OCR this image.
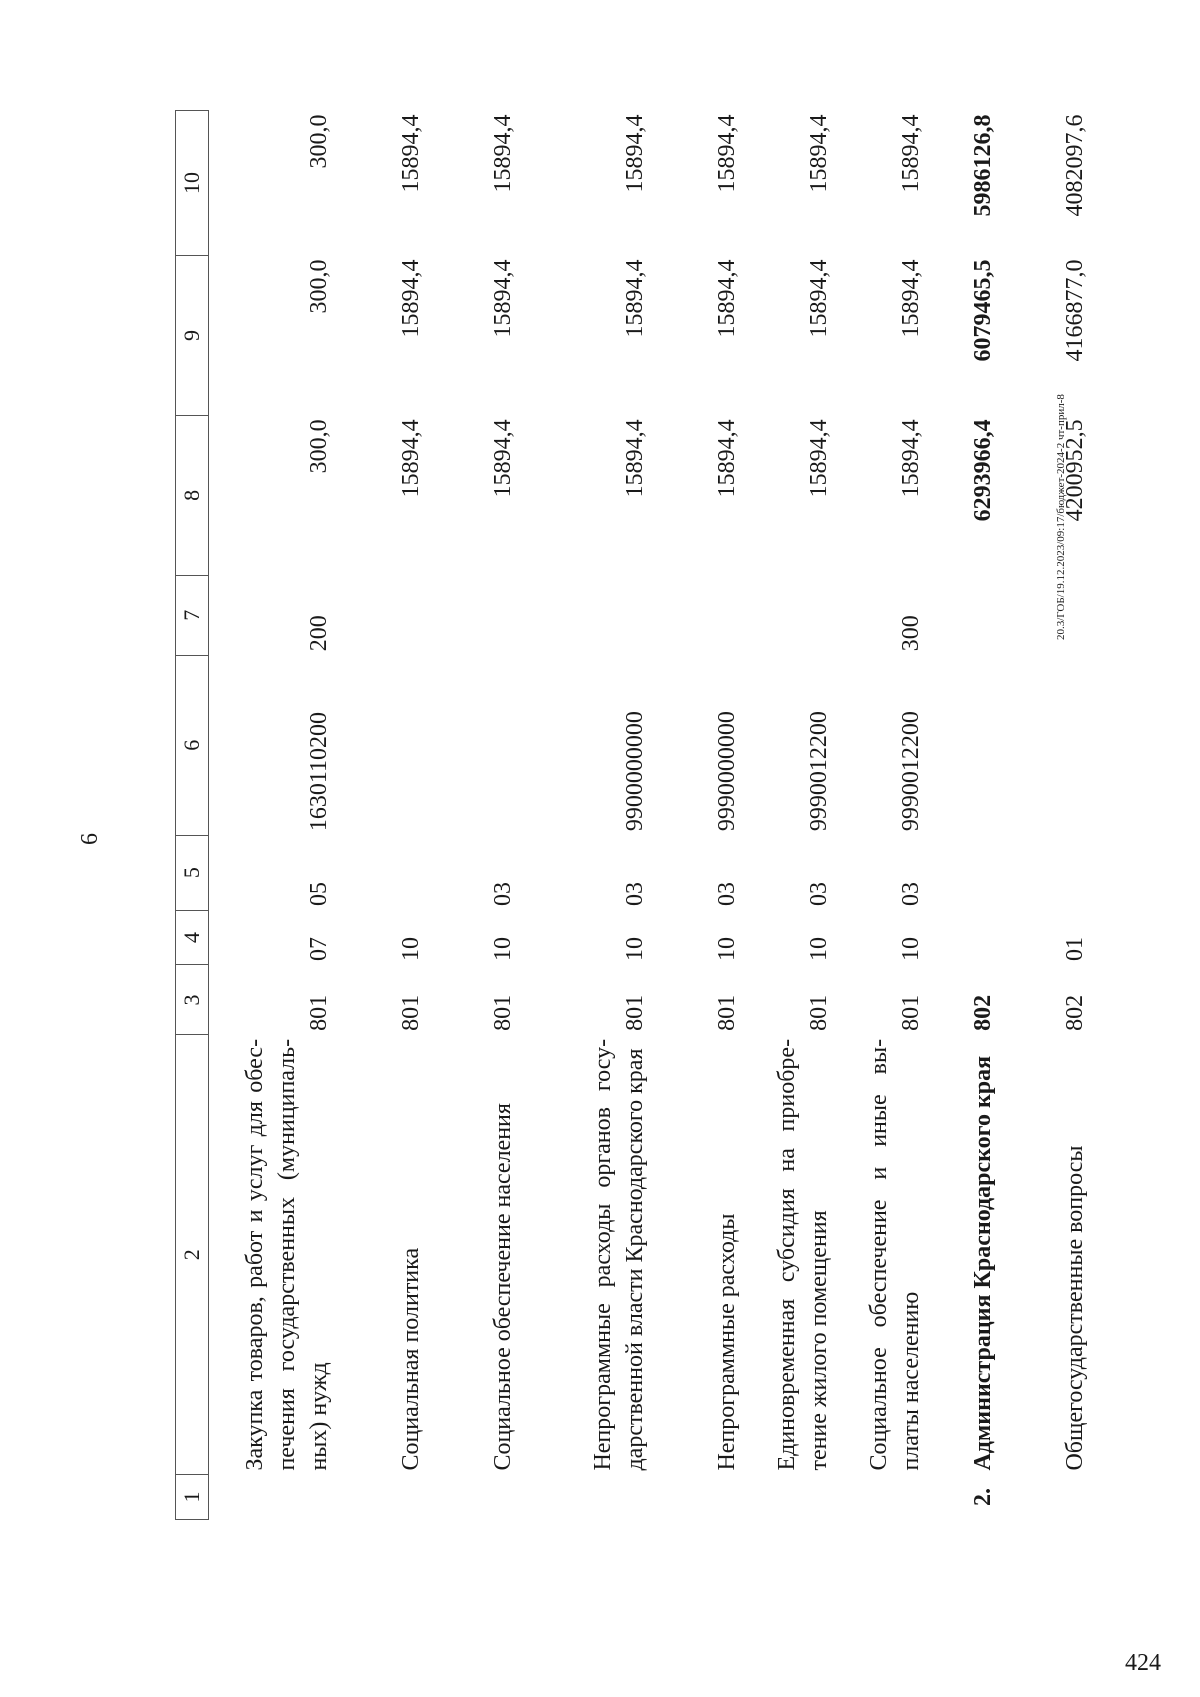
6
1	2	3	4	5	6	7	8	9	10
	Закупка товаров, работ и услуг для обес-печения государственных (муниципаль-ных) нужд	801	07	05	1630110200	200	300,0	300,0	300,0
	Социальная политика	801	10				15894,4	15894,4	15894,4
	Социальное обеспечение населения	801	10	03			15894,4	15894,4	15894,4
	Непрограммные расходы органов госу-дарственной власти Краснодарского края	801	10	03	9900000000		15894,4	15894,4	15894,4
	Непрограммные расходы	801	10	03	9990000000		15894,4	15894,4	15894,4
	Единовременная субсидия на приобре-тение жилого помещения	801	10	03	9990012200		15894,4	15894,4	15894,4
	Социальное обеспечение и иные вы-платы населению	801	10	03	9990012200	300	15894,4	15894,4	15894,4
2.	Администрация Краснодарского края	802					6293966,4	6079465,5	5986126,8
	Общегосударственные вопросы	802	01				4200952,5	4166877,0	4082097,6
20.3/ГОБ/19.12.2023/09:17/бюджет-2024-2 чт-прил-8
424
